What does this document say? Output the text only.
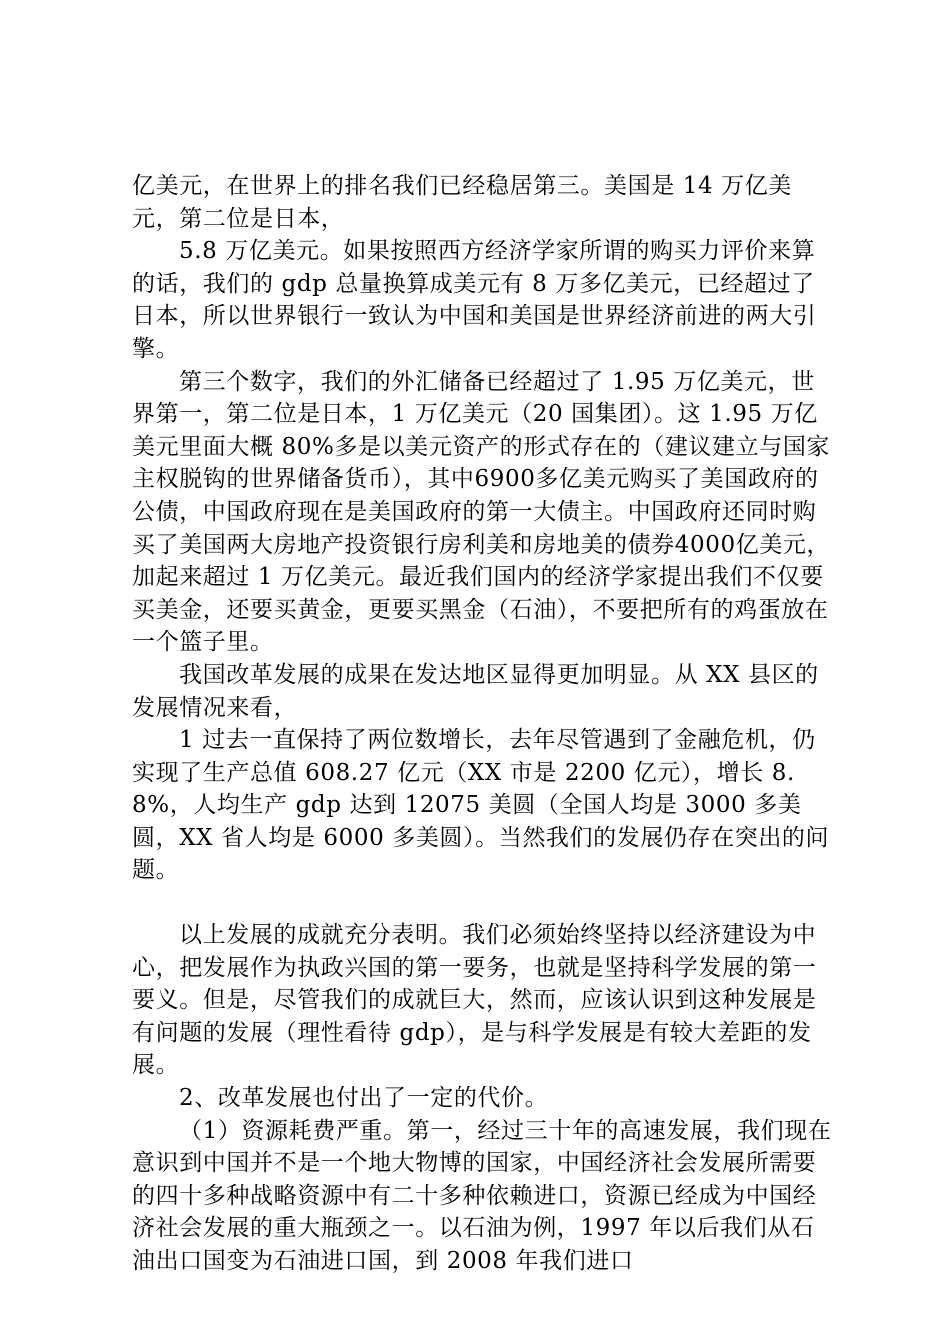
亿美元，在世界上的排名我们已经稳居第三。美国是 14 万亿美元，第二位是日本，

5.8 万亿美元。如果按照西方经济学家所谓的购买力评价来算的话，我们的 gdp 总量换算成美元有 8 万多亿美元，已经超过了日本，所以世界银行一致认为中国和美国是世界经济前进的两大引擎。

第三个数字，我们的外汇储备已经超过了 1.95 万亿美元，世界第一，第二位是日本，1 万亿美元（20 国集团）。这 1.95 万亿美元里面大概 80%多是以美元资产的形式存在的（建议建立与国家主权脱钩的世界储备货币），其中6900多亿美元购买了美国政府的公债，中国政府现在是美国政府的第一大债主。中国政府还同时购买了美国两大房地产投资银行房利美和房地美的债券4000亿美元，加起来超过 1 万亿美元。最近我们国内的经济学家提出我们不仅要买美金，还要买黄金，更要买黑金（石油），不要把所有的鸡蛋放在一个篮子里。

我国改革发展的成果在发达地区显得更加明显。从 XX 县区的发展情况来看，

1 过去一直保持了两位数增长，去年尽管遇到了金融危机，仍实现了生产总值 608.27 亿元（XX 市是 2200 亿元），增长 8.8%，人均生产 gdp 达到 12075 美圆（全国人均是 3000 多美圆，XX 省人均是 6000 多美圆）。当然我们的发展仍存在突出的问题。

以上发展的成就充分表明。我们必须始终坚持以经济建设为中心，把发展作为执政兴国的第一要务，也就是坚持科学发展的第一要义。但是，尽管我们的成就巨大，然而，应该认识到这种发展是有问题的发展（理性看待 gdp），是与科学发展是有较大差距的发展。

2、改革发展也付出了一定的代价。

（1）资源耗费严重。第一，经过三十年的高速发展，我们现在意识到中国并不是一个地大物博的国家，中国经济社会发展所需要的四十多种战略资源中有二十多种依赖进口，资源已经成为中国经济社会发展的重大瓶颈之一。以石油为例，1997 年以后我们从石油出口国变为石油进口国，到 2008 年我们进口
